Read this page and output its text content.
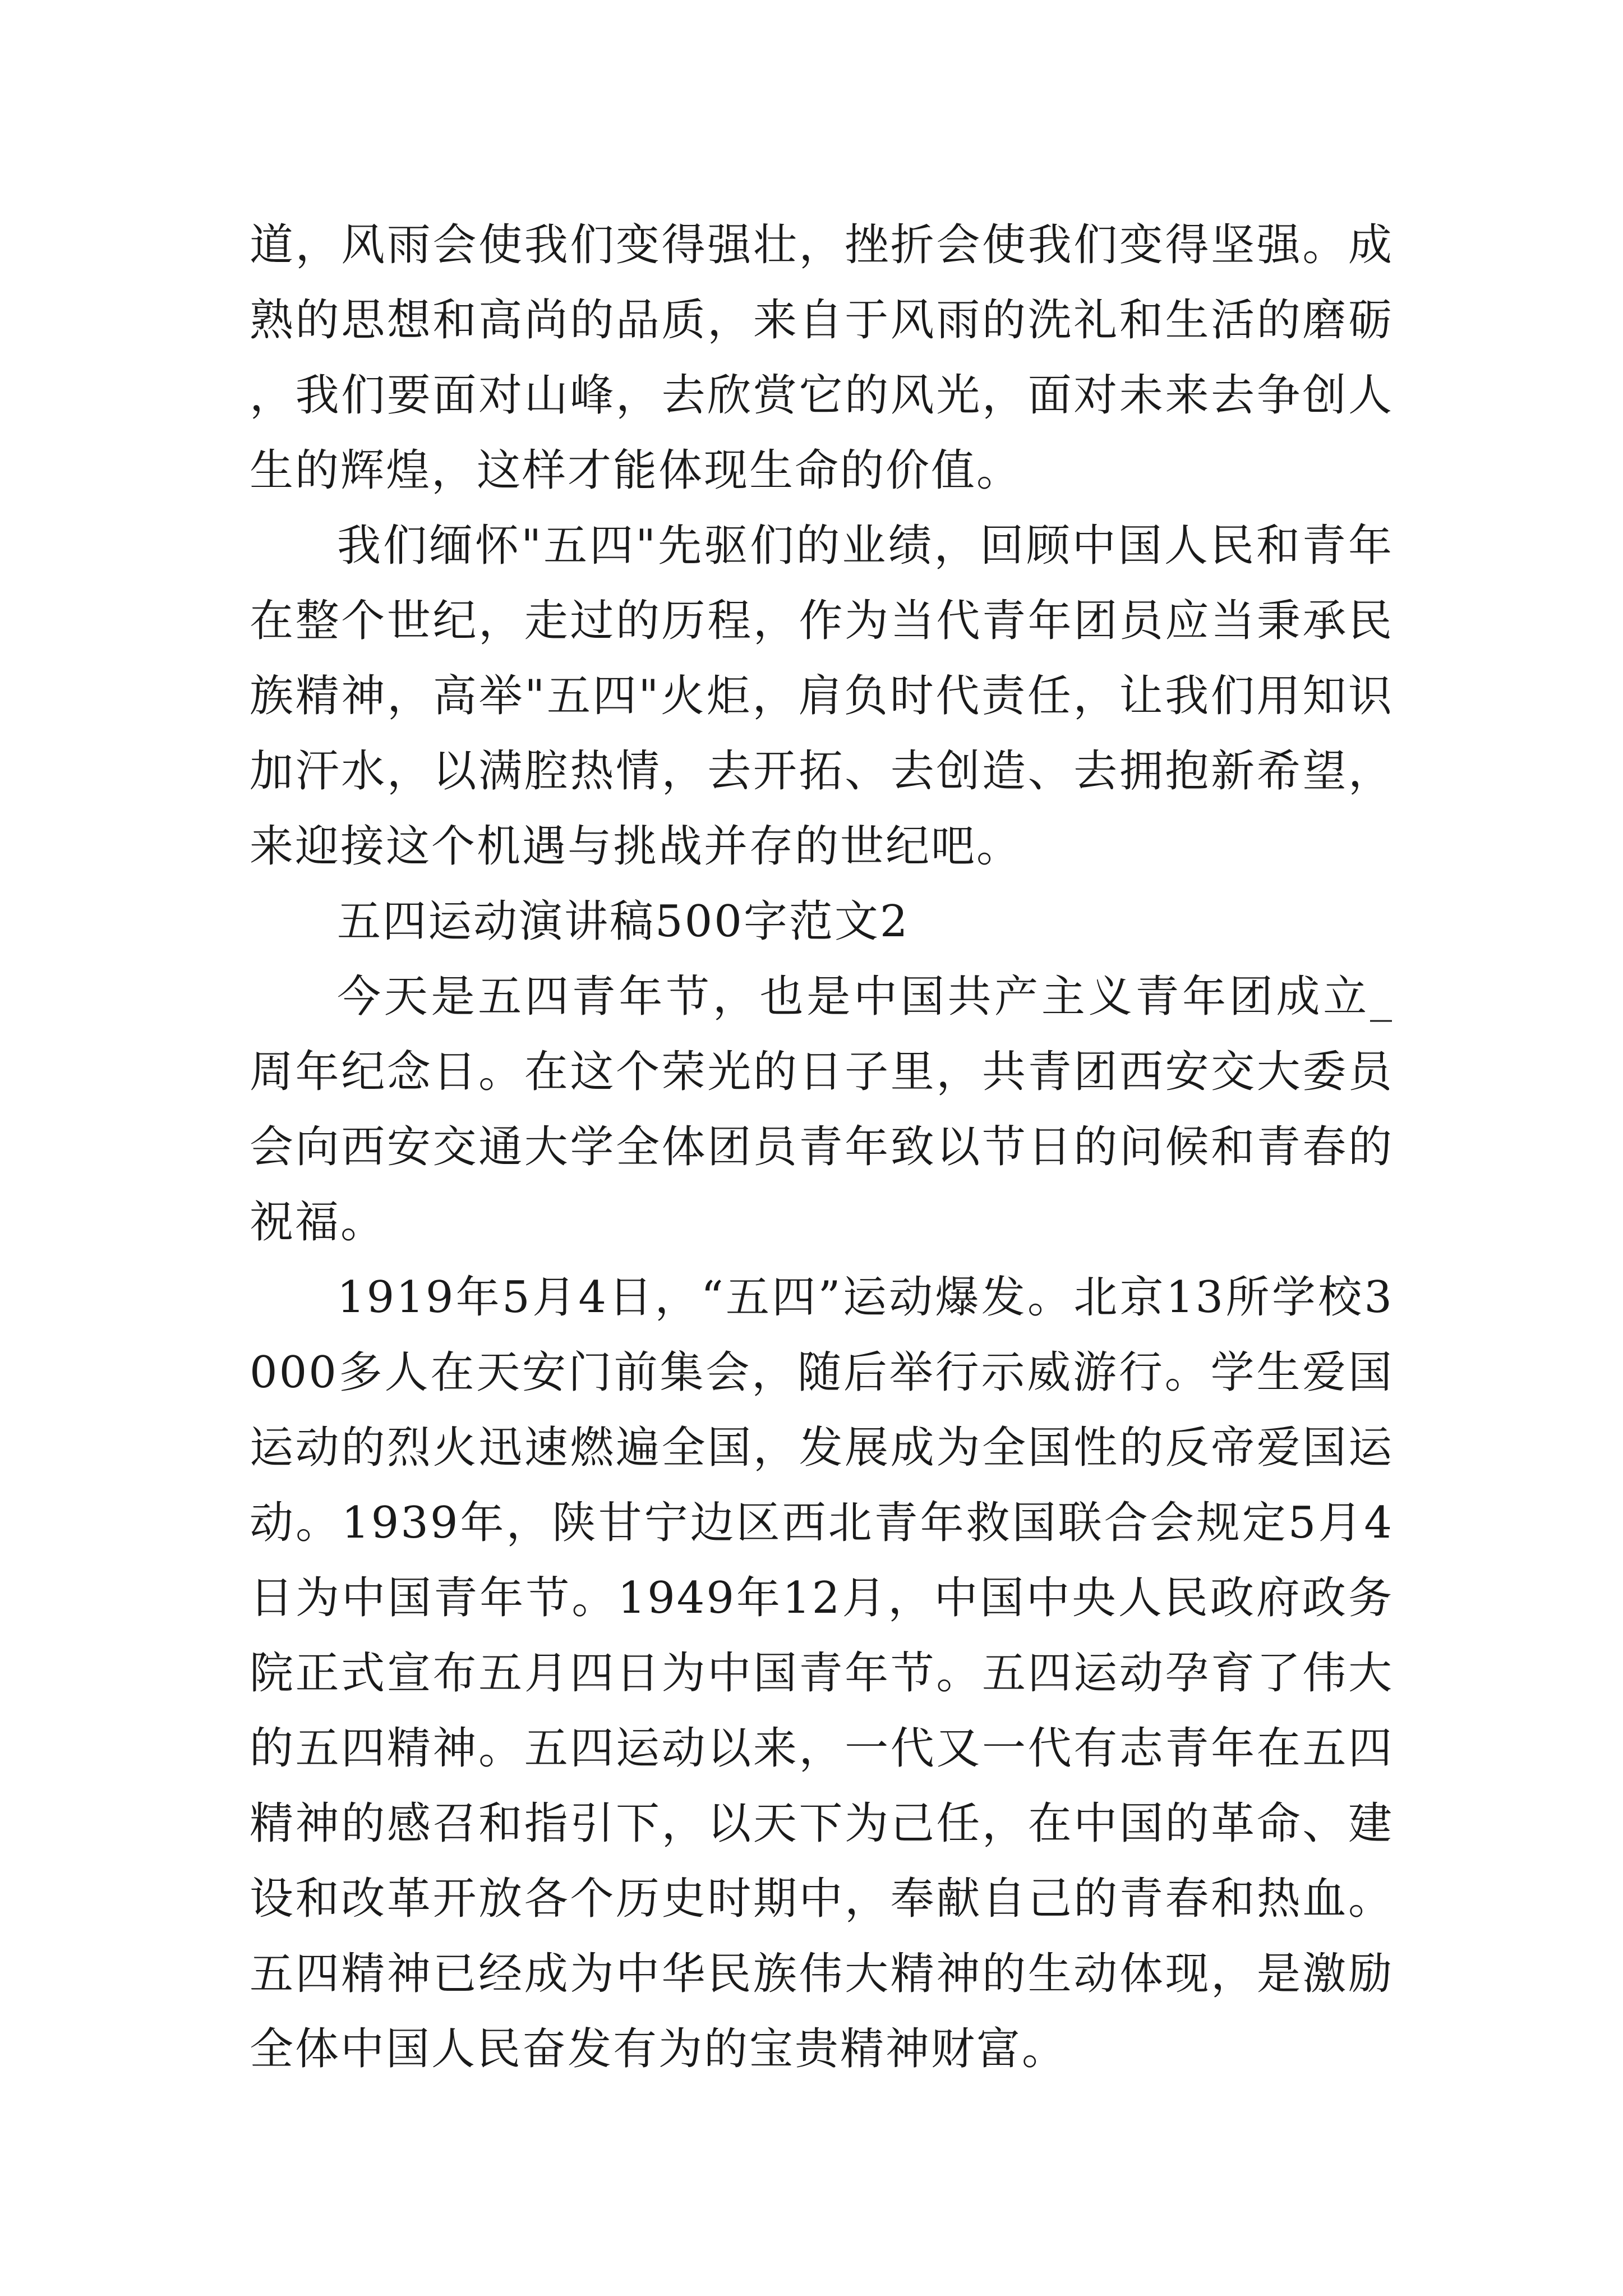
道，风雨会使我们变得强壮，挫折会使我们变得坚强。成熟的思想和高尚的品质，来自于风雨的洗礼和生活的磨砺，我们要面对山峰，去欣赏它的风光，面对未来去争创人生的辉煌，这样才能体现生命的价值。

我们缅怀"五四"先驱们的业绩，回顾中国人民和青年在整个世纪，走过的历程，作为当代青年团员应当秉承民族精神，高举"五四"火炬，肩负时代责任，让我们用知识加汗水，以满腔热情，去开拓、去创造、去拥抱新希望，来迎接这个机遇与挑战并存的世纪吧。

五四运动演讲稿500字范文2

今天是五四青年节，也是中国共产主义青年团成立_周年纪念日。在这个荣光的日子里，共青团西安交大委员会向西安交通大学全体团员青年致以节日的问候和青春的祝福。

1919年5月4日，“五四”运动爆发。北京13所学校3000多人在天安门前集会，随后举行示威游行。学生爱国运动的烈火迅速燃遍全国，发展成为全国性的反帝爱国运动。1939年，陕甘宁边区西北青年救国联合会规定5月4日为中国青年节。1949年12月，中国中央人民政府政务院正式宣布五月四日为中国青年节。五四运动孕育了伟大的五四精神。五四运动以来，一代又一代有志青年在五四精神的感召和指引下，以天下为己任，在中国的革命、建设和改革开放各个历史时期中，奉献自己的青春和热血。五四精神已经成为中华民族伟大精神的生动体现，是激励全体中国人民奋发有为的宝贵精神财富。
